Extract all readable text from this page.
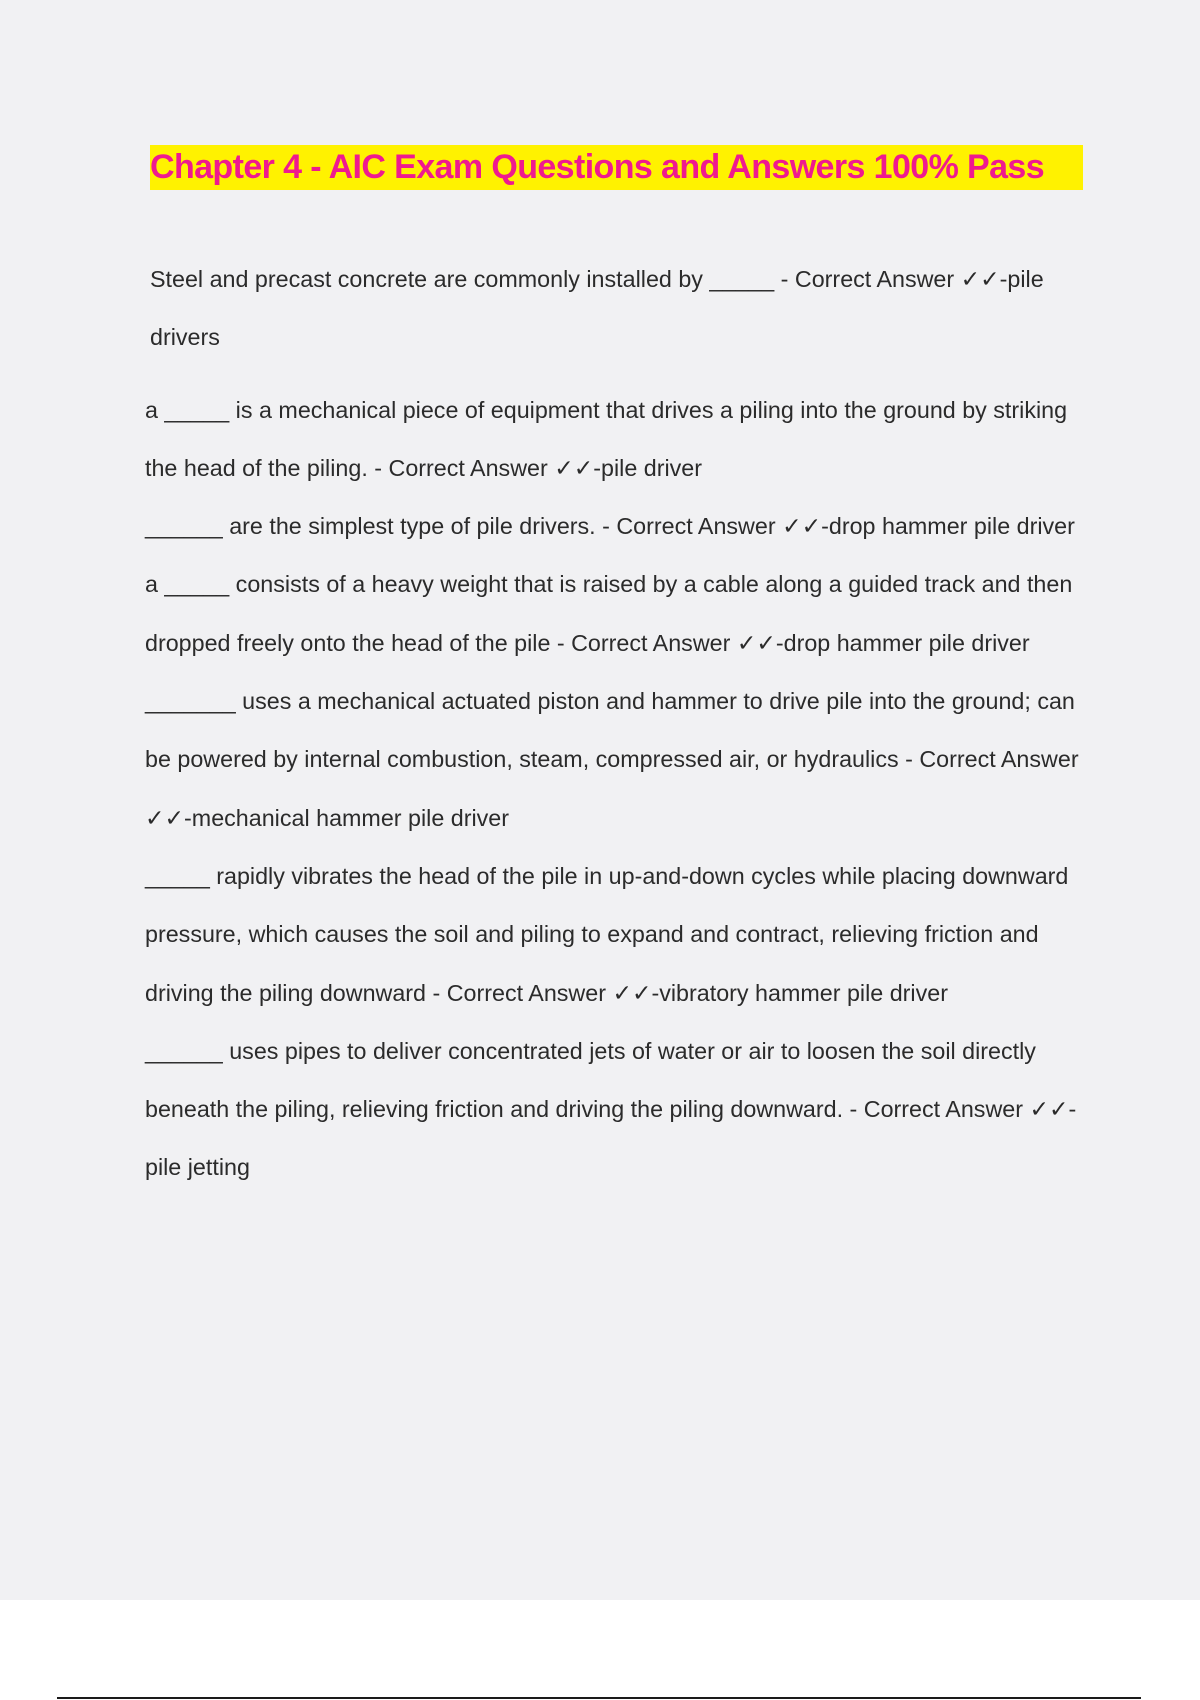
Chapter 4 - AIC Exam Questions and Answers 100% Pass

Steel and precast concrete are commonly installed by _____ - Correct Answer ✓✓-pile drivers

a _____ is a mechanical piece of equipment that drives a piling into the ground by striking the head of the piling. - Correct Answer ✓✓-pile driver

______ are the simplest type of pile drivers. - Correct Answer ✓✓-drop hammer pile driver

a _____ consists of a heavy weight that is raised by a cable along a guided track and then dropped freely onto the head of the pile - Correct Answer ✓✓-drop hammer pile driver

_______ uses a mechanical actuated piston and hammer to drive pile into the ground; can be powered by internal combustion, steam, compressed air, or hydraulics - Correct Answer ✓✓-mechanical hammer pile driver

_____ rapidly vibrates the head of the pile in up-and-down cycles while placing downward pressure, which causes the soil and piling to expand and contract, relieving friction and driving the piling downward - Correct Answer ✓✓-vibratory hammer pile driver

______ uses pipes to deliver concentrated jets of water or air to loosen the soil directly beneath the piling, relieving friction and driving the piling downward. - Correct Answer ✓✓-pile jetting
